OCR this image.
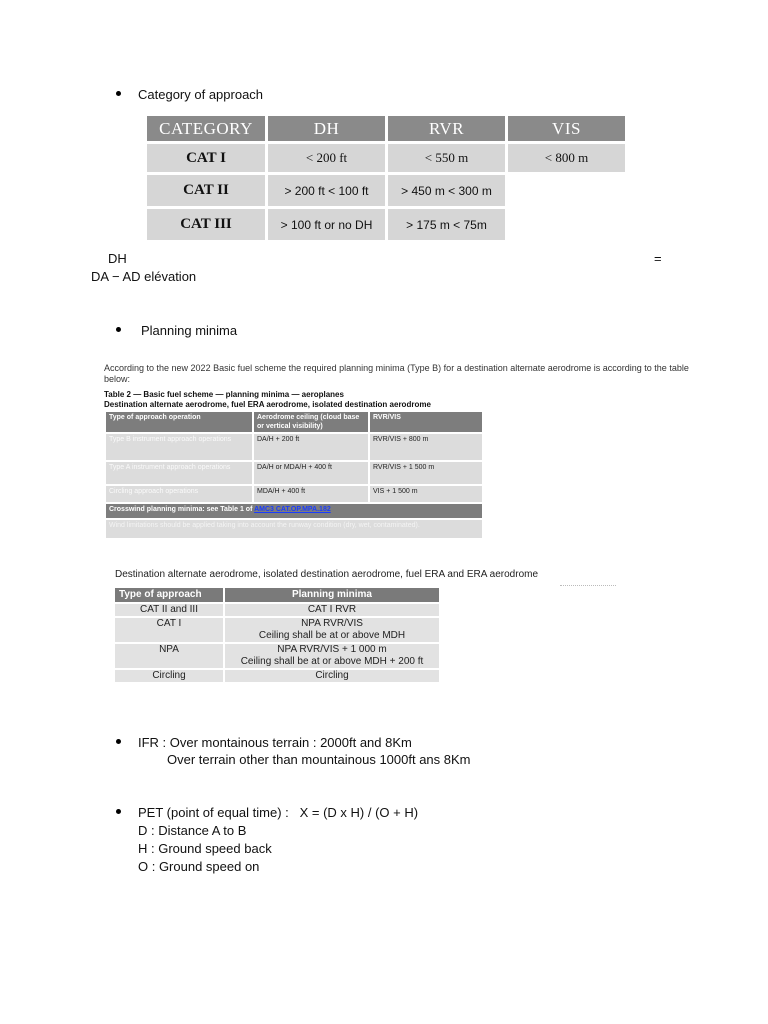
Category of approach
CATEGORY	DH	RVR	VIS
CAT I	< 200 ft	< 550 m	< 800 m
CAT II	> 200 ft < 100 ft	> 450 m < 300 m	
CAT III	> 100 ft or no DH	> 175 m < 75m	
DH	=
DA − AD elévation
Planning minima
According to the new 2022 Basic fuel scheme the required planning minima (Type B) for a destination alternate aerodrome is according to the table
below:
Table 2 — Basic fuel scheme — planning minima — aeroplanes
Destination alternate aerodrome, fuel ERA aerodrome, isolated destination aerodrome
Type of approach operation	Aerodrome ceiling (cloud base or vertical visibility)	RVR/VIS
Type B instrument approach operations	DA/H + 200 ft	RVR/VIS + 800 m
Type A instrument approach operations	DA/H or MDA/H + 400 ft	RVR/VIS + 1 500 m
Circling approach operations	MDA/H + 400 ft	VIS + 1 500 m
Crosswind planning minima: see Table 1 of AMC3 CAT.OP.MPA.182		
Wind limitations should be applied taking into account the runway condition (dry, wet, contaminated).		
Destination alternate aerodrome, isolated destination aerodrome, fuel ERA and ERA aerodrome
Type of approach	Planning minima
CAT II and III	CAT I RVR
CAT I	NPA RVR/VIS
Ceiling shall be at or above MDH
NPA	NPA RVR/VIS + 1 000 m
Ceiling shall be at or above MDH + 200 ft
Circling	Circling
IFR : Over montainous terrain : 2000ft and 8Km
Over terrain other than mountainous 1000ft ans 8Km
PET (point of equal time) :   X = (D x H) / (O + H)
D : Distance A to B
H : Ground speed back
O : Ground speed on
